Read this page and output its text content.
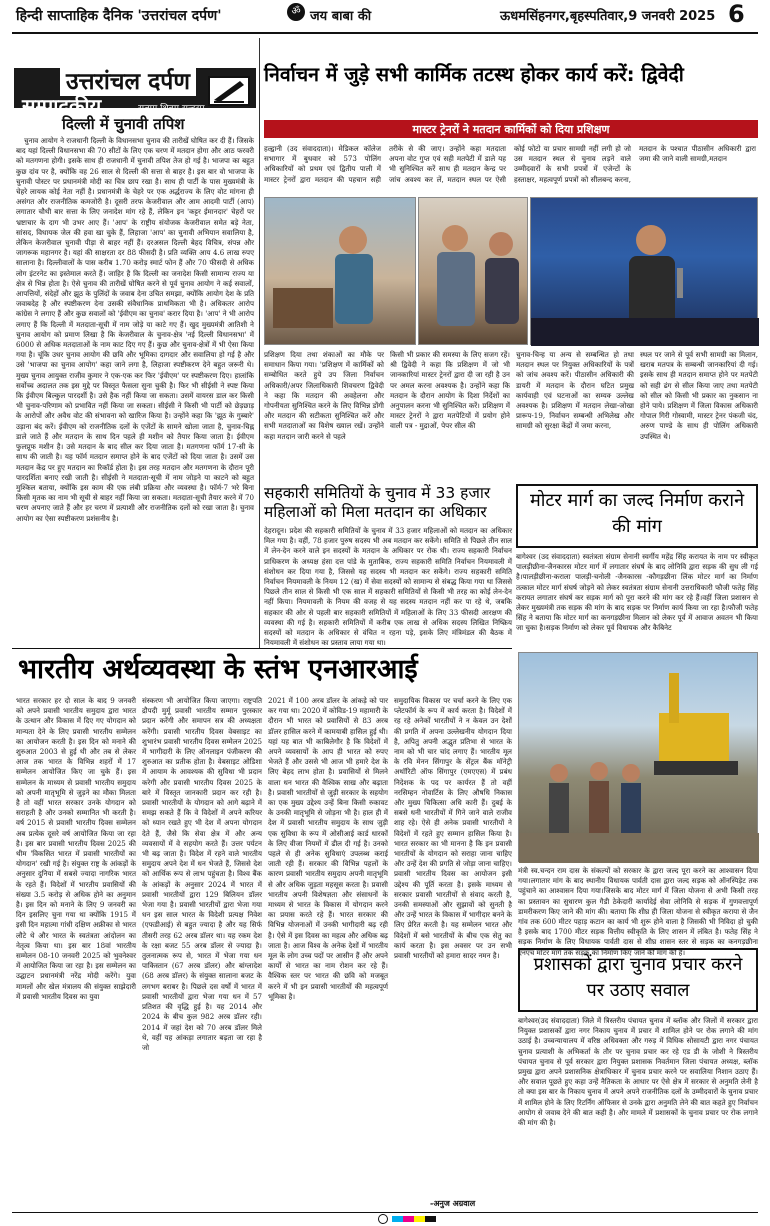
हिन्दी साप्ताहिक दैनिक 'उत्तरांचल दर्पण'	ॐ जय बाबा की	ऊधमसिंहनगर,बृहस्पतिवार,9 जनवरी 2025 6
उत्तरांचल दर्पण
सम्पादकीय	सत्यम् शिवम् सुन्दरम्
दिल्ली में चुनावी तपिश
चुनाव आयोग ने राजधानी दिल्ली के विधानसभा चुनाव की तारीखें घोषित कर दी हैं। जिसके बाद यहां दिल्ली विधानसभा की 70 सीटों के लिए एक चरण में मतदान होगा और आठ फरवरी को मतगणना होगी। इसके साथ ही राजधानी में चुनावी तपिश तेज हो गई है। भाजपा का बहुत कुछ दांव पर है, क्योंकि वह 26 साल से दिल्ली की सत्ता से बाहर है। इस बार वो भाजपा के चुनावी पोस्टर पर प्रधानमंत्री मोदी का चित्र छाप रखा है। साथ ही पार्टी के पास मुख्यमंत्री के चेहरे लायक कोई नेता नहीं है। प्रधानमंत्री के चेहरे पर एक अर्द्धराज्य के लिए वोट मांगना ही असंगत और राजनीतिक कमजोरी है। दूसरी तरफ केजरीवाल और आम आदमी पार्टी (आप) लगातार चौथी बार सत्ता के लिए जनादेश मांग रहे हैं, लेकिन इन 'कट्टर ईमानदार' चेहरों पर भ्रष्टाचार के दाग भी उभर आए हैं। 'आप' के राष्ट्रीय संयोजक केजरीवाल समेत बड़े नेता, सांसद, विधायक जेल की हवा खा चुके हैं, लिहाजा 'आप' का चुनावी अभियान सवालिया है, लेकिन केजरीवाल चुनावी पीड़ा से बाहर नहीं हैं। दरअसल दिल्ली बेहद विचित्र, संपन्न और जागरूक महानगर है। यहां की साक्षरता दर 88 फीसदी है। प्रति व्यक्ति आय 4.6 लाख रुपए सालाना है। दिल्लीवालों के पास करीब 1.70 करोड़ स्मार्ट फोन हैं और 70 फीसदी से अधिक लोग इंटरनेट का इस्तेमाल करते हैं। जाहिर है कि दिल्ली का जनादेश किसी सामान्य राज्य या क्षेत्र से भिन्न होता है। ऐसे चुनाव की तारीखें घोषित करने से पूर्व चुनाव आयोग ने कई सवालों, आपत्तियों, संदेहों और झूठ के पुलिंदों के जवाब देना उचित समझा, क्योंकि आयोग देश के प्रति जवाबदेह है और स्पष्टीकरण देना उसकी संवैधानिक प्राथमिकता भी है। अधिकतर आरोप कांग्रेस ने लगाए हैं और कुछ सवालों को 'ईवीएम का चुनाव' करार दिया है। 'आप' ने भी आरोप लगाए हैं कि दिल्ली में मतदाता-सूची में नाम जोड़े या काटे गए हैं। खुद मुख्यमंत्री आतिशी ने चुनाव आयोग को प्रमाण लिखा है कि केजरीवाल के चुनाव-क्षेत्र 'नई दिल्ली विधानसभा' में 6000 से अधिक मतदाताओं के नाम काट दिए गए हैं। कुछ और चुनाव-क्षेत्रों में भी ऐसा किया गया है। चूंकि उधर चुनाव आयोग की छवि और भूमिका दागदार और सवालिया हो गई है और उसे 'भाजपा का चुनाव आयोग' कहा जाने लगा है, लिहाजा स्पष्टीकरण देने बहुत जरूरी थे। मुख्य चुनाव आयुक्त राजीव कुमार ने एक-एक कर फिर 'ईवीएम' पर स्पष्टीकरण दिए। हालांकि सर्वोच्च अदालत तक इस मुद्दे पर विस्तृत फैसला सुना चुकी है। फिर भी सीईसी ने स्पष्ट किया कि ईवीएम बिल्कुल पारदर्शी है। उसे हैक नहीं किया जा सकता। उसमें वायरस डाल कर किसी भी चुनाव-परिणाम को प्रभावित नहीं किया जा सकता। सीईसी ने किसी भी पार्टी को छेड़छाड़ के आरोपों और अवैध वोट की संभावना को खारिज किया है। उन्होंने कहा कि 'झूठ के गुब्बारे' उड़ाना बंद करें। ईवीएम को राजनीतिक दलों के एजेंटों के सामने खोला जाता है, चुनाव-चिह्न डाले जाते हैं और मतदान के साथ दिन पहले ही मशीन को तैयार किया जाता है। ईवीएम फुलप्रूफ मशीन है। उसे मतदान के बाद सील कर दिया जाता है। मतगणना फॉर्म 17-सी के साथ की जाती है। यह फॉर्म मतदान समाप्त होने के बाद एजेंटों को दिया जाता है। उसमें उस मतदान केंद्र पर हुए मतदान का रिकॉर्ड होता है। इस तरह मतदान और मतगणना के दौरान पूरी पारदर्शिता बनाए रखी जाती है। सीईसी ने मतदाता-सूची में नाम जोड़ने या काटने को बहुत मुश्किल बताया, क्योंकि इस काम की एक लंबी प्रक्रिया और व्यवस्था है। फॉर्म-7 भरे बिना किसी मृतक का नाम भी सूची से बाहर नहीं किया जा सकता। मतदाता-सूची तैयार करने में 70 चरण अपनाए जाते हैं और हर चरण में प्रत्याशी और राजनीतिक दलों को रखा जाता है। चुनाव आयोग का ऐसा स्पष्टीकरण प्रशंसनीय है।
निर्वाचन में जुड़े सभी कार्मिक तटस्थ होकर कार्य करें: द्विवेदी
मास्टर ट्रेनरों ने मतदान कार्मिकों को दिया प्रशिक्षण
हल्द्वानी (उद संवाददाता)। मेडिकल कॉलेज सभागार में बुधवार को 573 पोलिंग अधिकारियों को प्रथम एवं द्वितीय पाली में मास्टर ट्रेनरों द्वारा मतदान की पहचान सही तरीके से की जाए। उन्होंने कहा मतदाता अपना वोट गुप्त एवं सही मतपेटी में डाले यह भी सुनिश्चित करें साथ ही मतदान केन्द्र पर जांच अवश्य कर लें, मतदान स्थल पर ऐसी कोई फोटो या प्रचार सामग्री नहीं लगी हो जो उस मतदान स्थल से चुनाव लड़ने वाले उम्मीदवारों के सभी प्रपत्रों में एजेन्टों के हस्ताक्षर, महत्वपूर्ण प्रपत्रों को सीलबन्द करना, मतदान के पश्चात पीठासीन अधिकारी द्वारा जमा की जाने वाली सामग्री,मतदान
प्रशिक्षण दिया तथा शंकाओं का मौके पर समाधान किया गया। 'प्रशिक्षण में कार्मिकों को सम्बोधित करते हुये उप जिला निर्वाचन अधिकारी/अपर जिलाधिकारी शिवचरण द्विवेदी ने कहा कि मतदान की अवहेलना और गोपनीयता सुनिश्चित करने के लिए विभिन्न डोंगी और मतदान की सटीकता सुनिश्चित करें और सभी मतदाताओं का विशेष ख्याल रखें। उन्होंने कहा मतदान जारी करने से पहले
किसी भी प्रकार की समस्या के लिए सजग रहें। श्री द्विवेदी ने कहा कि प्रशिक्षण में जो भी जानकारियां मास्टर ट्रेनरों द्वारा दी जा रही है उन पर अमल करना अवश्यक है। उन्होंने कहा कि मतदान के दौरान आयोग के दिशा निर्देशों का अनुपालन करना भी सुनिश्चित करें। प्रशिक्षण में मास्टर ट्रेनरों ने द्वारा मतपेटियों में प्रयोग होने वाली पत्र - मुद्राओं, पेपर सील की
चुनाव-चिन्ह या अन्य से सम्बन्धित हो तथा मतदान स्थल पर नियुक्त अधिकारियों के पत्रों को जांच अवश्य करें। पीठासीन अधिकारी की डायरी में मतदान के दौरान घटित प्रमुख कार्यवाही एवं घटनाओं का सम्यक्‍ उल्लेख अवश्यक है। प्रशिक्षण में मतदान लेखा-जोखा प्रारूप-19, निर्वाचन सम्बन्धी अभिलेख और सामग्री को सुरक्षा केंद्रों में जमा करना,
स्थल पर जाने से पूर्व सभी सामग्री का मिलान, खराब मतपत्र के सम्बन्धी जानकारियां दी गई। इसके साथ ही मतदान समाप्त होने पर मतपेटी को सही ढंग से सील किया जाए तथा मतपेटी को सील को किसी भी प्रकार का नुकसान ना होने पाये। प्रशिक्षण में जिला विकास अधिकारी गोपाल गिरी गोस्वामी, मास्टर ट्रेनर पंकजी चंद, अरुण पाण्डे के साथ ही पोलिंग अधिकारी उपस्थित थे।
सहकारी समितियों के चुनाव में 33 हजार महिलाओं को मिला मतदान का अधिकार
देहरादून। प्रदेश की सहकारी समितियों के चुनाव में 33 हजार महिलाओं को मतदान का अधिकार मिल गया है। वहीं, 78 हजार पुरुष सदस्य भी अब मतदान कर सकेंगे। समिति से पिछले तीन साल में लेन-देन करने वाले इन सदस्यों के मतदान के अधिकार पर रोक थी। राज्य सहकारी निर्वाचन प्राधिकरण के अध्यक्ष हंसा दत्त पांडे के मुताबिक, राज्य सहकारी समिति निर्वाचन नियमावली में संशोधन कर दिया गया है, जिससे यह सदस्य भी मतदान कर सकेंगे। राज्य सहकारी समिति निर्वाचन नियमावली के नियम 12 (ख) में सेवा सदस्यों को सामान्य से संबद्ध किया गया था जिससे पिछले तीन साल से किसी भी एक साल में सहकारी समितियों से किसी भी तरह का कोई लेन-देन नहीं किया। नियमावली के नियम की वजह से यह सदस्य मतदान नहीं कर पा रहे थे, जबकि सहकार की ओर से पहली बार सहकारी समितियों में महिलाओं के लिए 33 फीसदी आरक्षण की व्यवस्था की गई है। सहकारी समितियों में करीब एक लाख से अधिक सदस्य लिखित निष्क्रिय सदस्यों को मतदान के अधिकार से वंचित न रहना पड़े, इसके लिए मंत्रिमंडल की बैठक में नियमावली में संशोधन का प्रस्ताव लाया गया था।
मोटर मार्ग का जल्द निर्माण कराने की मांग
बागेश्वर (उद संवाददाता) स्वतंत्रता संग्राम सेनानी स्वर्गीय महेंद्र सिंह करायत के नाम पर स्वीकृत पालड़ीछीना-जैनकारस मोटर मार्ग में लगातार संघर्ष के बाद लोनिवि द्वारा सड़क की सुध ली गई है।पालड़ीछीना-कराला पालड़ी-चनोली -जैनकारस -कौगड़छीना लिंक मोटर मार्ग का निर्माण तत्काल मोटर मार्ग संघर्ष जोड़ने को लेकर स्वतंत्रता संग्राम सेनानी उत्तराधिकारी फौजी फतेह सिंह करायत लगातार संघर्ष कर सड़क मार्ग को पूरा करने की मांग कर रहे हैं।वहीं जिला प्रशासन से लेकर मुख्यमंत्री तक सड़क की मांग के बाद सड़क पर निर्माण कार्य किया जा रहा है।फौजी फतेह सिंह ने बताया कि मोटर मार्ग का कनगड़छीना मिलान को लेकर पूर्व में आवाज अवतन भी किया जा चुका है।सड़क निर्माण को लेकर पूर्व विधायक और कैबिनेट
भारतीय अर्थव्यवस्था के स्तंभ एनआरआई
भारत सरकार हर दो साल के बाद 9 जनवरी को अपने प्रवासी भारतीय समुदाय द्वारा भारत के उत्थान और विकास में दिए गए योगदान को मान्यता देने के लिए प्रवासी भारतीय सम्मेलन का आयोजन करती है। इस दिन को मनाने की शुरुआत 2003 से हुई थी और तब से लेकर आज तक भारत के विभिन्न शहरों में 17 सम्मेलन आयोजित किए जा चुके हैं। इस सम्मेलन के माध्यम से प्रवासी भारतीय समुदाय को अपनी मातृभूमि से जुड़ने का मौका मिलता है तो वहीं भारत सरकार उनके योगदान को सराहती है और उनको सम्मानित भी करती है। वर्ष 2015 से प्रवासी भारतीय दिवस सम्मेलन अब प्रत्येक दूसरे वर्ष आयोजित किया जा रहा है। इस बार प्रवासी भारतीय दिवस 2025 की थीम 'विकसित भारत में प्रवासी भारतीयों का योगदान' रखी गई है। संयुक्त राष्ट्र के आंकड़ों के अनुसार दुनिया में सबसे ज्यादा नागरिक भारत के रहते हैं। विदेशों में भारतीय प्रवासियों की संख्या 3.5 करोड़ से अधिक होने का अनुमान है। इस दिन को मनाने के लिए 9 जनवरी का दिन इसलिए चुना गया था क्योंकि 1915 में इसी दिन महात्मा गांधी दक्षिण अफ्रीका से भारत लौटे थे और भारत के स्वतंत्रता आंदोलन का नेतृत्व किया था। इस बार 18वां भारतीय सम्मेलन 08-10 जनवरी 2025 को भुवनेश्वर में आयोजित किया जा रहा है। इस सम्मेलन का उद्घाटन प्रधानमंत्री नरेंद्र मोदी करेंगे। युवा मामलों और खेल मंत्रालय की संयुक्त साझेदारी में प्रवासी भारतीय दिवस का युवा
संस्करण भी आयोजित किया जाएगा। राष्ट्रपति द्रौपदी मुर्मू प्रवासी भारतीय सम्मान पुरस्कार प्रदान करेंगी और समापन सत्र की अध्यक्षता करेंगी। प्रवासी भारतीय दिवस वेबसाइट का शुभारंभ प्रवासी भारतीय दिवस सम्मेलन 2025 में भागीदारी के लिए ऑनलाइन पंजीकरण की शुरुआत का प्रतीक होता है। वेबसाइट ओडिशा में आयाम के आवश्यक की सुविधा भी प्रदान करेगी और प्रवासी भारतीय दिवस 2025 के बारे में विस्तृत जानकारी प्रदान कर रही है। प्रवासी भारतीयों के योगदान को आगे बढ़ाने में समझ सकते हैं कि वे विदेशों में अपने करियर को ध्यान रखते हुए भी देश में अपना योगदान देते हैं, जैसे कि सेवा क्षेत्र में और अन्य व्यवसायों में वे सहयोग करते हैं। उत्तर पर्यटन भी बढ़ जाता है। विदेश में रहने वाले भारतीय समुदाय अपने देश में धन भेजते हैं, जिससे देश को आर्थिक रूप से लाभ पहुंचता है। विश्व बैंक के आंकड़ों के अनुसार 2024 में भारत में प्रवासी भारतीयों द्वारा 129 बिलियन डॉलर भेजा गया है। प्रवासी भारतीयों द्वारा भेजा गया धन इस साल भारत के विदेशी प्रत्यक्ष निवेश (एफडीआई) से बहुत ज्यादा है और यह सिर्फ तीसरी तरह 62 अरब डॉलर था। यह रकम देश के रक्षा बजट 55 अरब डॉलर से ज्यादा है। तुलनात्मक रूप से, भारत में भेजा गया धन पाकिस्तान (67 अरब डॉलर) और बांग्लादेश (68 अरब डॉलर) के संयुक्त सालाना बजट के लगभग बराबर है। पिछले दस वर्षों में भारत में प्रवासी भारतीयों द्वारा भेजा गया धन में 57 प्रतिशत की वृद्धि हुई है। यह 2014 और 2024 के बीच कुल 982 अरब डॉलर रही। 2014 में जहां देश को 70 अरब डॉलर मिले थे, वहीं यह आंकड़ा लगातार बढ़ता जा रहा है जो
2021 में 100 अरब डॉलर के आंकड़े को पार कर गया था। 2020 में कोविड-19 महामारी के दौरान भी भारत को प्रवासियों से 83 अरब डॉलर हासिल करने में कामयाबी हासिल हुई थी। यहां यह बात भी काबिलेगौर है कि विदेशों में अपने व्यवसायों के आप ही भारत को रुपए भेजते हैं और उससे भी आज भी हमारे देश के लिए बेहद लाभ होता है। प्रवासियों से मिलने वाला धन भारत की वैश्विक साख और बढ़ाता है। प्रवासी भारतीयों से जुड़ी सरकार के सहयोग का एक मुख्य उद्देश्य उन्हें बिना किसी रुकावट के उनकी मातृभूमि से जोड़ना भी है। हाल ही में देश में प्रवासी भारतीय समुदाय के साथ जुड़ी एक सुविधा के रूप में ओसीआई कार्ड धारकों के लिए वीजा नियमों में ढील दी गई है। उनको पहले से ही अनेक सुविधाएं उपलब्ध कराई जाती रही हैं। सरकार की विभिन्न पहलों के कारण प्रवासी भारतीय समुदाय अपनी मातृभूमि से और अधिक जुड़ता महसूस करता है। प्रवासी भारतीय अपनी विशेषज्ञता और संसाधनों के माध्यम से भारत के विकास में योगदान करने का प्रयास करते रहे हैं। भारत सरकार की विभिन्न योजनाओं में उनकी भागीदारी बढ़ रही है। ऐसे में इस दिवस का महत्व और अधिक बढ़ जाता है। आज विश्व के अनेक देशों में भारतीय मूल के लोग उच्च पदों पर आसीन हैं और अपने कार्यों से भारत का नाम रोशन कर रहे हैं। वैश्विक स्तर पर भारत की छवि को मजबूत करने में भी इन प्रवासी भारतीयों की महत्वपूर्ण भूमिका है।
समुदायिक विकास पर चर्चा करने के लिए एक प्लेटफॉर्म के रूप में कार्य करता है। विदेशों में रह रहे अनेकों भारतीयों ने न केवल उन देशों की प्रगति में अपना उल्लेखनीय योगदान दिया है, अपितु अपनी अद्भुत प्रतिभा से भारत के नाम को भी चार चांद लगाए हैं। भारतीय मूल के रवि मेनन सिंगापुर के सेंट्रल बैंक मॉनेट्री अथॉरिटी ऑफ सिंगापुर (एमएएस) में प्रबंध निदेशक के पद पर कार्यरत हैं तो वहीं नरसिम्हन नोवार्टिस के लिए औषधि निकास और मुख्य चिकित्सा अधि कारी हैं। दुबई के सबसे धनी भारतीयों में गिने जाने वाले राजीव शाह रहे। ऐसे ही अनेक प्रवासी भारतीयों ने विदेशों में रहते हुए सम्मान हासिल किया है। भारत सरकार का भी मानना है कि इन प्रवासी भारतीयों के योगदान को सराहा जाना चाहिए और उन्हें देश की प्रगति से जोड़ा जाना चाहिए। प्रवासी भारतीय दिवस का आयोजन इसी उद्देश्य की पूर्ति करता है। इसके माध्यम से सरकार प्रवासी भारतीयों से संवाद करती है, उनकी समस्याओं और सुझावों को सुनती है और उन्हें भारत के विकास में भागीदार बनने के लिए प्रेरित करती है। यह सम्मेलन भारत और विदेशों में बसे भारतीयों के बीच एक सेतु का कार्य करता है। इस अवसर पर उन सभी प्रवासी भारतीयों को हमारा सादर नमन है।
-अनुज अग्रवाल
मंत्री स्व.चन्दन राम दास के संकल्पों को सरकार के द्वारा जल्द पूरा करने का आश्वासन दिया गया।लगातार मांग के बाद स्थानीय विधायक पार्वती दास द्वारा जल्द सड़क को ऑनस्पिड़ेट तक पहुंचाने का आश्वासन दिया गया।जिसके बाद मोटर मार्ग में जिला योजना से अभी किसी तरह का प्रस्तावन का सुधारण कुल गैडी ठेकेदारी कार्यादेई सेवा लोनिवि से सड़क में गुणवत्तापूर्ण डामरीकरण किए जाने की मांग की। बताया कि शीघ्र ही जिला योजना से स्वीकृत कराया से जैन गांव तक 600 मीटर पहाड़ कटान का कार्य भी शुरू होने वाला है जिसकी भी निविदा हो चुकी है इसके बाद 1700 मीटर सड़क वित्तीय स्वीकृति के लिए शासन में लंबित है। फतेह सिंह ने सड़क निर्माण के लिए विधायक पार्वती दास से शीघ्र शासन स्तर से सड़क का कनगड़छीना एनएच मोटर मार्ग तक सड़क का निर्माण किए जाने की मांग की है।
प्रशासकों द्वारा चुनाव प्रचार करने पर उठाए सवाल
बागेश्वर(उद संवाददाता) जिले में त्रिस्तरीय पंचायत चुनाव में ब्लॉक और जिलों में सरकार द्वारा नियुक्त प्रशासकों द्वारा नगर निकाय चुनाव में प्रचार में शामिल होने पर रोक लगाने की मांग उठाई है। उच्चन्यायालय में वरिष्ठ अधिवक्ता और गरुड़ में विधिक सोसायटी द्वारा नगर पंचायत चुनाव प्रत्याशी के अभिकर्ता के तौर पर चुनाव प्रचार कर रहे एड डी के जोशी ने त्रिस्तरीय पंचायत चुनाव से पूर्व सरकार द्वारा नियुक्त प्रशासक निवर्तमान जिला पंचायत अध्यक्ष, ब्लॉक प्रमुख द्वारा अपने प्रशासनिक क्षेत्राधिकार में चुनाव प्रचार करने पर सवालिया निशान उठाए हैं। और सवाल पूछते हुए कहा उन्हें नैतिकता के आधार पर ऐसे क्षेत्र में सरकार से अनुमति लेनी है तो क्या इस बार के निकाय चुनाव में अपने अपने राजनीतिक दलों के उम्मीदवारों के चुनाव प्रचार में शामिल होने के लिए रिटर्निंग ऑफिसर से उनके द्वारा अनुमति लेने की बात कहते हुए निर्वाचन आयोग से जवाब देने की बात कही है। और मामले में प्रशासकों के चुनाव प्रचार पर रोक लगाने की मांग की है।
